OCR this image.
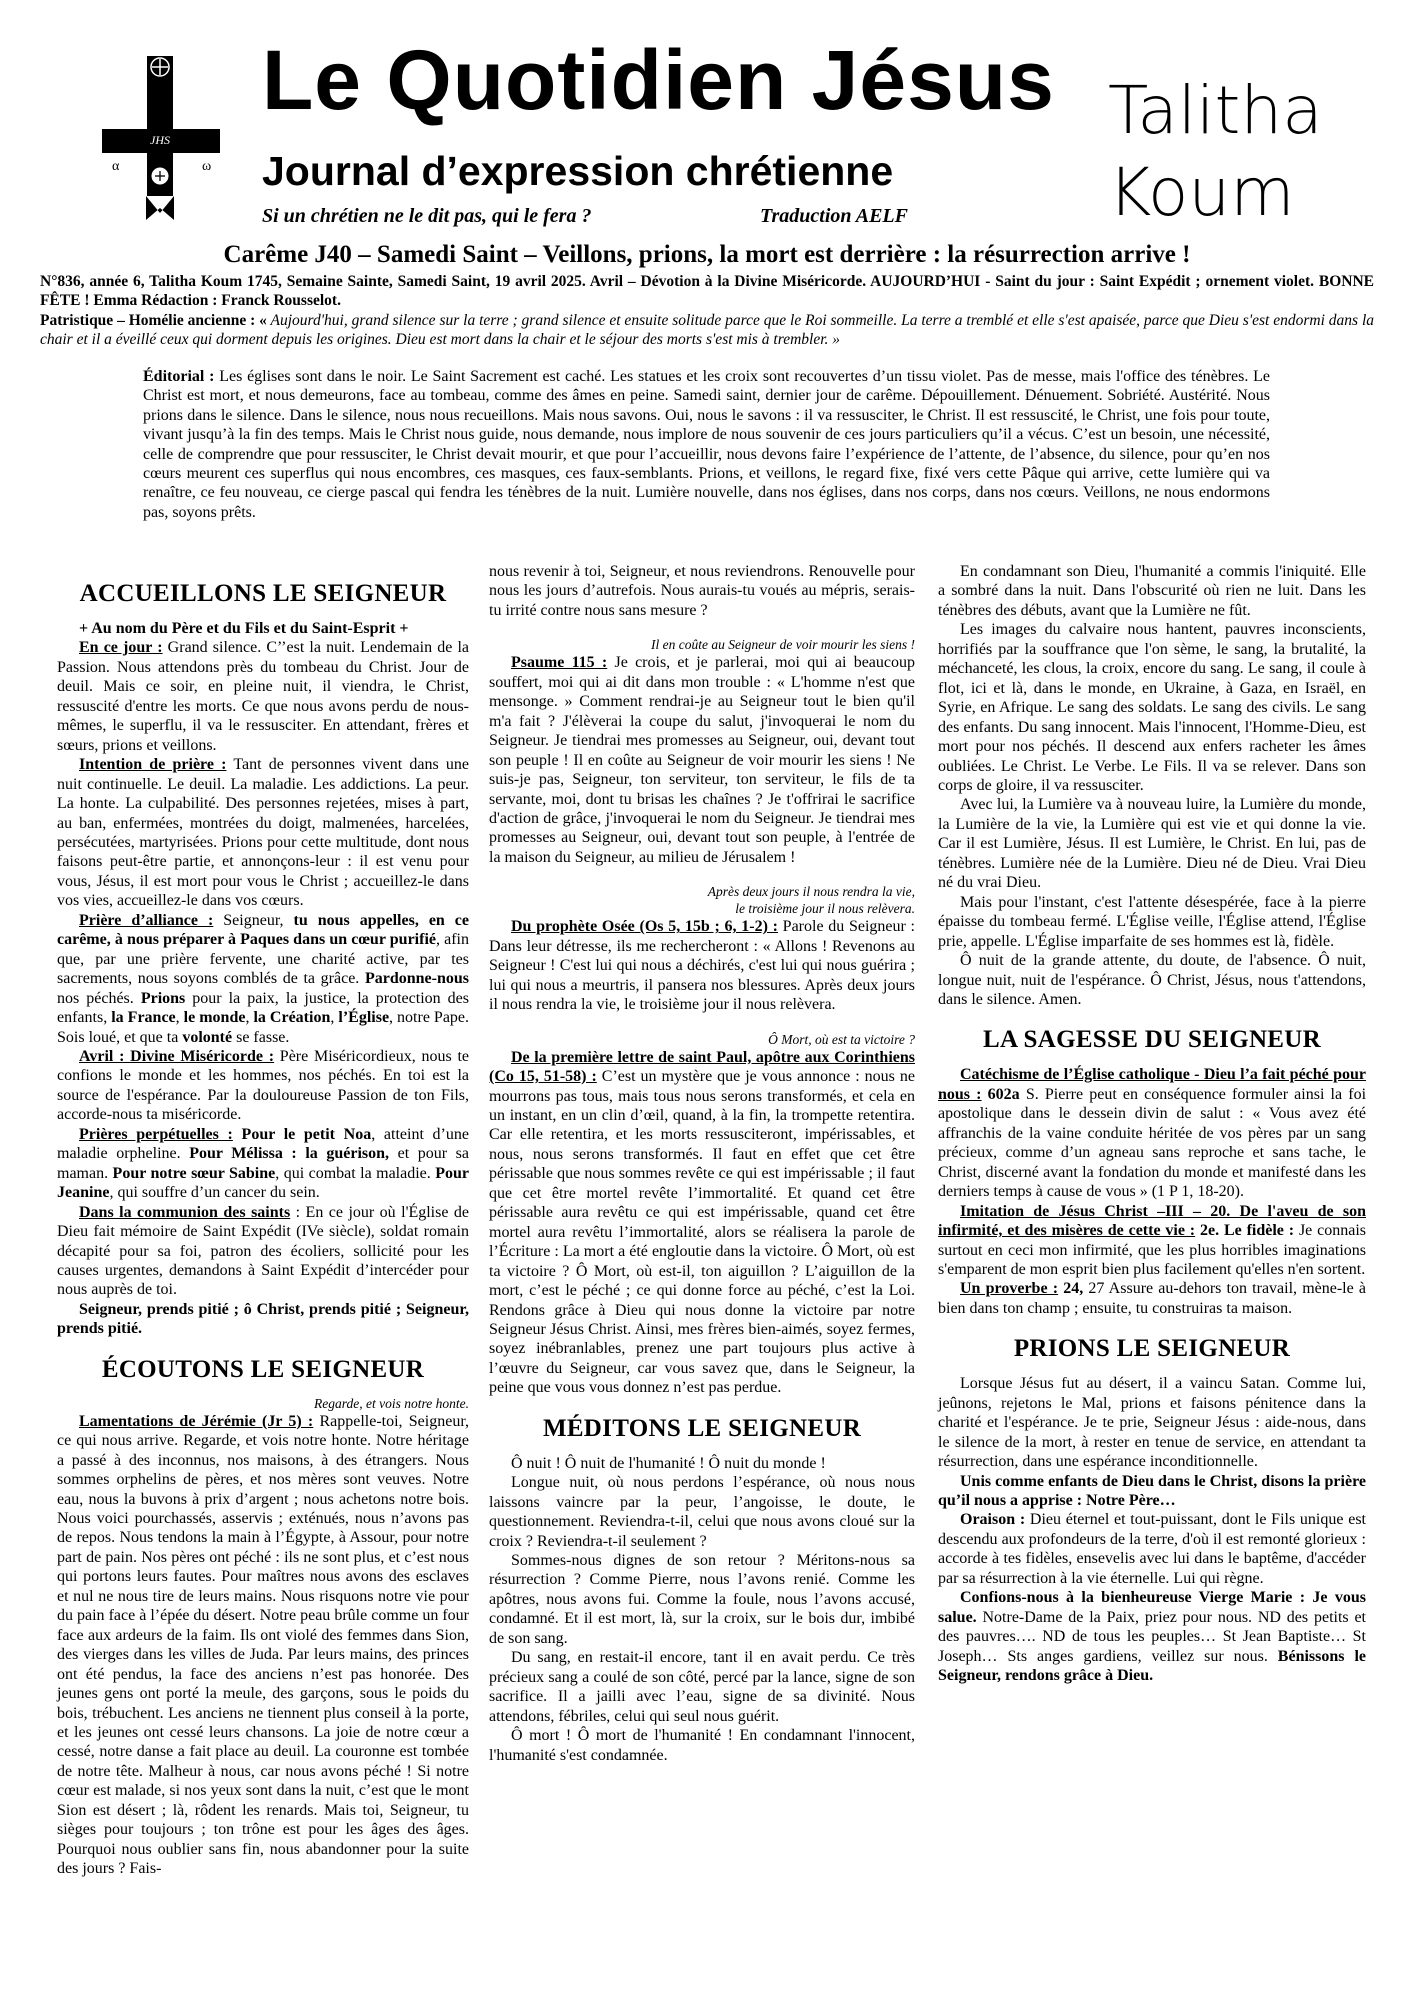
JHS
α	ω
Le Quotidien Jésus
Journal d’expression chrétienne
Si un chrétien ne le dit pas, qui le fera ?	Traduction AELF
Talitha
Koum
Carême J40 – Samedi Saint – Veillons, prions, la mort est derrière : la résurrection arrive !
N°836, année 6, Talitha Koum 1745, Semaine Sainte, Samedi Saint, 19 avril 2025. Avril – Dévotion à la Divine Miséricorde. AUJOURD’HUI - Saint du jour : Saint Expédit ; ornement violet. BONNE FÊTE ! Emma Rédaction : Franck Rousselot.
Patristique – Homélie ancienne : « Aujourd'hui, grand silence sur la terre ; grand silence et ensuite solitude parce que le Roi sommeille. La terre a tremblé et elle s'est apaisée, parce que Dieu s'est endormi dans la chair et il a éveillé ceux qui dorment depuis les origines. Dieu est mort dans la chair et le séjour des morts s'est mis à trembler. »
Éditorial : Les églises sont dans le noir. Le Saint Sacrement est caché. Les statues et les croix sont recouvertes d’un tissu violet. Pas de messe, mais l'office des ténèbres. Le Christ est mort, et nous demeurons, face au tombeau, comme des âmes en peine. Samedi saint, dernier jour de carême. Dépouillement. Dénuement. Sobriété. Austérité. Nous prions dans le silence. Dans le silence, nous nous recueillons. Mais nous savons. Oui, nous le savons : il va ressusciter, le Christ. Il est ressuscité, le Christ, une fois pour toute, vivant jusqu’à la fin des temps. Mais le Christ nous guide, nous demande, nous implore de nous souvenir de ces jours particuliers qu’il a vécus. C’est un besoin, une nécessité, celle de comprendre que pour ressusciter, le Christ devait mourir, et que pour l’accueillir, nous devons faire l’expérience de l’attente, de l’absence, du silence, pour qu’en nos cœurs meurent ces superflus qui nous encombres, ces masques, ces faux-semblants. Prions, et veillons, le regard fixe, fixé vers cette Pâque qui arrive, cette lumière qui va renaître, ce feu nouveau, ce cierge pascal qui fendra les ténèbres de la nuit. Lumière nouvelle, dans nos églises, dans nos corps, dans nos cœurs. Veillons, ne nous endormons pas, soyons prêts.
ACCUEILLONS LE SEIGNEUR

+ Au nom du Père et du Fils et du Saint-Esprit +

En ce jour : Grand silence. C’’est la nuit. Lendemain de la Passion. Nous attendons près du tombeau du Christ. Jour de deuil. Mais ce soir, en pleine nuit, il viendra, le Christ, ressuscité d'entre les morts. Ce que nous avons perdu de nous-mêmes, le superflu, il va le ressusciter. En attendant, frères et sœurs, prions et veillons.

Intention de prière : Tant de personnes vivent dans une nuit continuelle. Le deuil. La maladie. Les addictions. La peur. La honte. La culpabilité. Des personnes rejetées, mises à part, au ban, enfermées, montrées du doigt, malmenées, harcelées, persécutées, martyrisées. Prions pour cette multitude, dont nous faisons peut-être partie, et annonçons-leur : il est venu pour vous, Jésus, il est mort pour vous le Christ ; accueillez-le dans vos vies, accueillez-le dans vos cœurs.

Prière d’alliance : Seigneur, tu nous appelles, en ce carême, à nous préparer à Paques dans un cœur purifié, afin que, par une prière fervente, une charité active, par tes sacrements, nous soyons comblés de ta grâce. Pardonne-nous nos péchés. Prions pour la paix, la justice, la protection des enfants, la France, le monde, la Création, l’Église, notre Pape. Sois loué, et que ta volonté se fasse.

Avril : Divine Miséricorde : Père Miséricordieux, nous te confions le monde et les hommes, nos péchés. En toi est la source de l'espérance. Par la douloureuse Passion de ton Fils, accorde-nous ta miséricorde.

Prières perpétuelles : Pour le petit Noa, atteint d’une maladie orpheline. Pour Mélissa : la guérison, et pour sa maman. Pour notre sœur Sabine, qui combat la maladie. Pour Jeanine, qui souffre d’un cancer du sein.

Dans la communion des saints : En ce jour où l'Église de Dieu fait mémoire de Saint Expédit (IVe siècle), soldat romain décapité pour sa foi, patron des écoliers, sollicité pour les causes urgentes, demandons à Saint Expédit d’intercéder pour nous auprès de toi.

Seigneur, prends pitié ; ô Christ, prends pitié ; Seigneur, prends pitié.

ÉCOUTONS LE SEIGNEUR

Regarde, et vois notre honte.

Lamentations de Jérémie (Jr 5) : Rappelle-toi, Seigneur, ce qui nous arrive. Regarde, et vois notre honte. Notre héritage a passé à des inconnus, nos maisons, à des étrangers. Nous sommes orphelins de pères, et nos mères sont veuves. Notre eau, nous la buvons à prix d’argent ; nous achetons notre bois. Nous voici pourchassés, asservis ; exténués, nous n’avons pas de repos. Nous tendons la main à l’Égypte, à Assour, pour notre part de pain. Nos pères ont péché : ils ne sont plus, et c’est nous qui portons leurs fautes. Pour maîtres nous avons des esclaves et nul ne nous tire de leurs mains. Nous risquons notre vie pour du pain face à l’épée du désert. Notre peau brûle comme un four face aux ardeurs de la faim. Ils ont violé des femmes dans Sion, des vierges dans les villes de Juda. Par leurs mains, des princes ont été pendus, la face des anciens n’est pas honorée. Des jeunes gens ont porté la meule, des garçons, sous le poids du bois, trébuchent. Les anciens ne tiennent plus conseil à la porte, et les jeunes ont cessé leurs chansons. La joie de notre cœur a cessé, notre danse a fait place au deuil. La couronne est tombée de notre tête. Malheur à nous, car nous avons péché ! Si notre cœur est malade, si nos yeux sont dans la nuit, c’est que le mont Sion est désert ; là, rôdent les renards. Mais toi, Seigneur, tu sièges pour toujours ; ton trône est pour les âges des âges. Pourquoi nous oublier sans fin, nous abandonner pour la suite des jours ? Fais-

nous revenir à toi, Seigneur, et nous reviendrons. Renouvelle pour nous les jours d’autrefois. Nous aurais-tu voués au mépris, serais-tu irrité contre nous sans mesure ?

Il en coûte au Seigneur de voir mourir les siens !

Psaume 115 : Je crois, et je parlerai, moi qui ai beaucoup souffert, moi qui ai dit dans mon trouble : « L'homme n'est que mensonge. » Comment rendrai-je au Seigneur tout le bien qu'il m'a fait ? J'élèverai la coupe du salut, j'invoquerai le nom du Seigneur. Je tiendrai mes promesses au Seigneur, oui, devant tout son peuple ! Il en coûte au Seigneur de voir mourir les siens ! Ne suis-je pas, Seigneur, ton serviteur, ton serviteur, le fils de ta servante, moi, dont tu brisas les chaînes ? Je t'offrirai le sacrifice d'action de grâce, j'invoquerai le nom du Seigneur. Je tiendrai mes promesses au Seigneur, oui, devant tout son peuple, à l'entrée de la maison du Seigneur, au milieu de Jérusalem !

Après deux jours il nous rendra la vie,

le troisième jour il nous relèvera.

Du prophète Osée (Os 5, 15b ; 6, 1-2) : Parole du Seigneur : Dans leur détresse, ils me rechercheront : « Allons ! Revenons au Seigneur ! C'est lui qui nous a déchirés, c'est lui qui nous guérira ; lui qui nous a meurtris, il pansera nos blessures. Après deux jours il nous rendra la vie, le troisième jour il nous relèvera.

Ô Mort, où est ta victoire ?

De la première lettre de saint Paul, apôtre aux Corinthiens (Co 15, 51-58) : C’est un mystère que je vous annonce : nous ne mourrons pas tous, mais tous nous serons transformés, et cela en un instant, en un clin d’œil, quand, à la fin, la trompette retentira. Car elle retentira, et les morts ressusciteront, impérissables, et nous, nous serons transformés. Il faut en effet que cet être périssable que nous sommes revête ce qui est impérissable ; il faut que cet être mortel revête l’immortalité. Et quand cet être périssable aura revêtu ce qui est impérissable, quand cet être mortel aura revêtu l’immortalité, alors se réalisera la parole de l’Écriture : La mort a été engloutie dans la victoire. Ô Mort, où est ta victoire ? Ô Mort, où est-il, ton aiguillon ? L’aiguillon de la mort, c’est le péché ; ce qui donne force au péché, c’est la Loi. Rendons grâce à Dieu qui nous donne la victoire par notre Seigneur Jésus Christ. Ainsi, mes frères bien-aimés, soyez fermes, soyez inébranlables, prenez une part toujours plus active à l’œuvre du Seigneur, car vous savez que, dans le Seigneur, la peine que vous vous donnez n’est pas perdue.

MÉDITONS LE SEIGNEUR

Ô nuit ! Ô nuit de l'humanité ! Ô nuit du monde !

Longue nuit, où nous perdons l’espérance, où nous nous laissons vaincre par la peur, l’angoisse, le doute, le questionnement. Reviendra-t-il, celui que nous avons cloué sur la croix ? Reviendra-t-il seulement ?

Sommes-nous dignes de son retour ? Méritons-nous sa résurrection ? Comme Pierre, nous l’avons renié. Comme les apôtres, nous avons fui. Comme la foule, nous l’avons accusé, condamné. Et il est mort, là, sur la croix, sur le bois dur, imbibé de son sang.

Du sang, en restait-il encore, tant il en avait perdu. Ce très précieux sang a coulé de son côté, percé par la lance, signe de son sacrifice. Il a jailli avec l’eau, signe de sa divinité. Nous attendons, fébriles, celui qui seul nous guérit.

Ô mort ! Ô mort de l'humanité ! En condamnant l'innocent, l'humanité s'est condamnée.

En condamnant son Dieu, l'humanité a commis l'iniquité. Elle a sombré dans la nuit. Dans l'obscurité où rien ne luit. Dans les ténèbres des débuts, avant que la Lumière ne fût.

Les images du calvaire nous hantent, pauvres inconscients, horrifiés par la souffrance que l'on sème, le sang, la brutalité, la méchanceté, les clous, la croix, encore du sang. Le sang, il coule à flot, ici et là, dans le monde, en Ukraine, à Gaza, en Israël, en Syrie, en Afrique. Le sang des soldats. Le sang des civils. Le sang des enfants. Du sang innocent. Mais l'innocent, l'Homme-Dieu, est mort pour nos péchés. Il descend aux enfers racheter les âmes oubliées. Le Christ. Le Verbe. Le Fils. Il va se relever. Dans son corps de gloire, il va ressusciter.

Avec lui, la Lumière va à nouveau luire, la Lumière du monde, la Lumière de la vie, la Lumière qui est vie et qui donne la vie. Car il est Lumière, Jésus. Il est Lumière, le Christ. En lui, pas de ténèbres. Lumière née de la Lumière. Dieu né de Dieu. Vrai Dieu né du vrai Dieu.

Mais pour l'instant, c'est l'attente désespérée, face à la pierre épaisse du tombeau fermé. L'Église veille, l'Église attend, l'Église prie, appelle. L'Église imparfaite de ses hommes est là, fidèle.

Ô nuit de la grande attente, du doute, de l'absence. Ô nuit, longue nuit, nuit de l'espérance. Ô Christ, Jésus, nous t'attendons, dans le silence. Amen.

LA SAGESSE DU SEIGNEUR

Catéchisme de l’Église catholique - Dieu l’a fait péché pour nous : 602a S. Pierre peut en conséquence formuler ainsi la foi apostolique dans le dessein divin de salut : « Vous avez été affranchis de la vaine conduite héritée de vos pères par un sang précieux, comme d’un agneau sans reproche et sans tache, le Christ, discerné avant la fondation du monde et manifesté dans les derniers temps à cause de vous » (1 P 1, 18-20).

Imitation de Jésus Christ –III – 20. De l'aveu de son infirmité, et des misères de cette vie : 2e. Le fidèle : Je connais surtout en ceci mon infirmité, que les plus horribles imaginations s'emparent de mon esprit bien plus facilement qu'elles n'en sortent.

Un proverbe : 24, 27 Assure au-dehors ton travail, mène-le à bien dans ton champ ; ensuite, tu construiras ta maison.

PRIONS LE SEIGNEUR

Lorsque Jésus fut au désert, il a vaincu Satan. Comme lui, jeûnons, rejetons le Mal, prions et faisons pénitence dans la charité et l'espérance. Je te prie, Seigneur Jésus : aide-nous, dans le silence de la mort, à rester en tenue de service, en attendant ta résurrection, dans une espérance inconditionnelle.

Unis comme enfants de Dieu dans le Christ, disons la prière qu’il nous a apprise : Notre Père…

Oraison : Dieu éternel et tout-puissant, dont le Fils unique est descendu aux profondeurs de la terre, d'où il est remonté glorieux : accorde à tes fidèles, ensevelis avec lui dans le baptême, d'accéder par sa résurrection à la vie éternelle. Lui qui règne.

Confions-nous à la bienheureuse Vierge Marie : Je vous salue. Notre-Dame de la Paix, priez pour nous. ND des petits et des pauvres…. ND de tous les peuples… St Jean Baptiste… St Joseph… Sts anges gardiens, veillez sur nous. Bénissons le Seigneur, rendons grâce à Dieu.
